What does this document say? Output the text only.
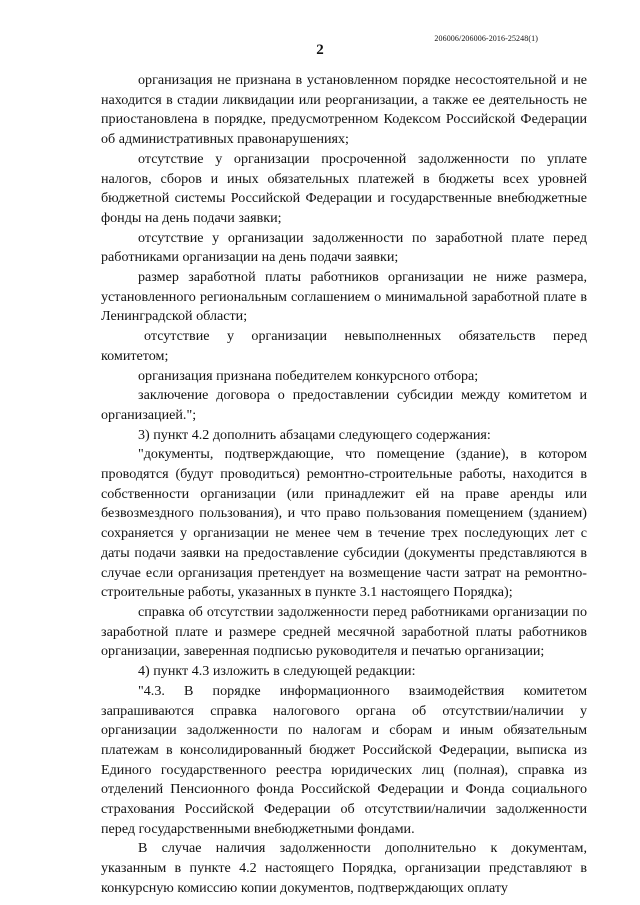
206006/206006-2016-25248(1)
2

организация не признана в установленном порядке несостоятельной и не находится в стадии ликвидации или реорганизации, а также ее деятельность не приостановлена в порядке, предусмотренном Кодексом Российской Федерации об административных правонарушениях;

отсутствие у организации просроченной задолженности по уплате налогов, сборов и иных обязательных платежей в бюджеты всех уровней бюджетной системы Российской Федерации и государственные внебюджетные фонды на день подачи заявки;

отсутствие у организации задолженности по заработной плате перед работниками организации на день подачи заявки;

размер заработной платы работников организации не ниже размера, установленного региональным соглашением о минимальной заработной плате в Ленинградской области;

отсутствие у организации невыполненных обязательств перед комитетом;

организация признана победителем конкурсного отбора;

заключение договора о предоставлении субсидии между комитетом и организацией.";

3) пункт 4.2 дополнить абзацами следующего содержания:

"документы, подтверждающие, что помещение (здание), в котором проводятся (будут проводиться) ремонтно-строительные работы, находится в собственности организации (или принадлежит ей на праве аренды или безвозмездного пользования), и что право пользования помещением (зданием) сохраняется у организации не менее чем в течение трех последующих лет с даты подачи заявки на предоставление субсидии (документы представляются в случае если организация претендует на возмещение части затрат на ремонтно-строительные работы, указанных в пункте 3.1 настоящего Порядка);

справка об отсутствии задолженности перед работниками организации по заработной плате и размере средней месячной заработной платы работников организации, заверенная подписью руководителя и печатью организации;

4) пункт 4.3 изложить в следующей редакции:

"4.3. В порядке информационного взаимодействия комитетом запрашиваются справка налогового органа об отсутствии/наличии у организации задолженности по налогам и сборам и иным обязательным платежам в консолидированный бюджет Российской Федерации, выписка из Единого государственного реестра юридических лиц (полная), справка из отделений Пенсионного фонда Российской Федерации и Фонда социального страхования Российской Федерации об отсутствии/наличии задолженности перед государственными внебюджетными фондами.

В случае наличия задолженности дополнительно к документам, указанным в пункте 4.2 настоящего Порядка, организации представляют в конкурсную комиссию копии документов, подтверждающих оплату
